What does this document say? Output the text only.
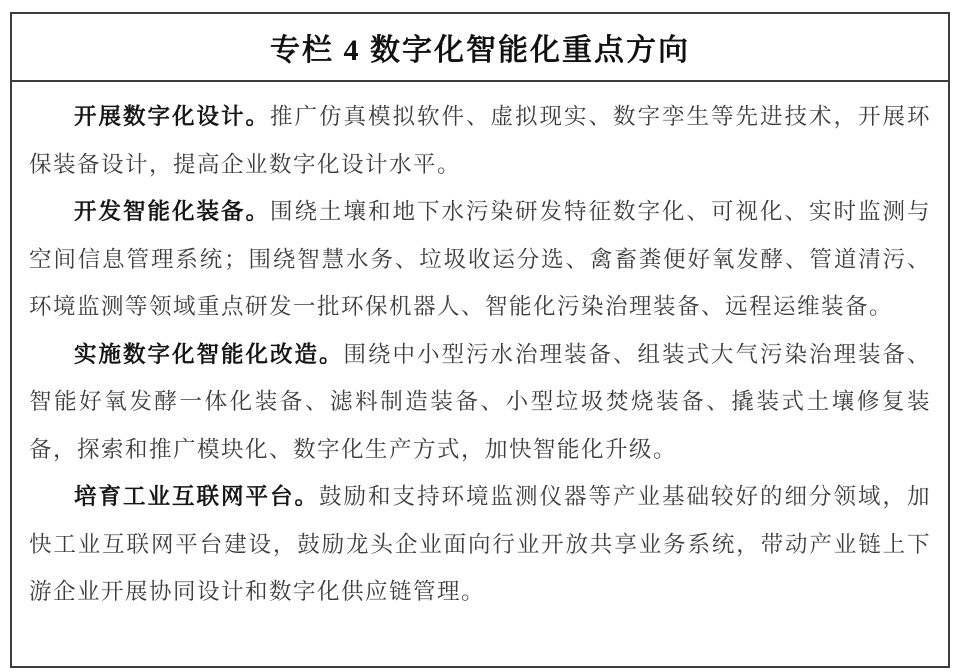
专栏 4 数字化智能化重点方向

开展数字化设计。推广仿真模拟软件、虚拟现实、数字孪生等先进技术，开展环保装备设计，提高企业数字化设计水平。

开发智能化装备。围绕土壤和地下水污染研发特征数字化、可视化、实时监测与空间信息管理系统；围绕智慧水务、垃圾收运分选、禽畜粪便好氧发酵、管道清污、环境监测等领域重点研发一批环保机器人、智能化污染治理装备、远程运维装备。

实施数字化智能化改造。围绕中小型污水治理装备、组装式大气污染治理装备、智能好氧发酵一体化装备、滤料制造装备、小型垃圾焚烧装备、撬装式土壤修复装备，探索和推广模块化、数字化生产方式，加快智能化升级。

培育工业互联网平台。鼓励和支持环境监测仪器等产业基础较好的细分领域，加快工业互联网平台建设，鼓励龙头企业面向行业开放共享业务系统，带动产业链上下游企业开展协同设计和数字化供应链管理。
